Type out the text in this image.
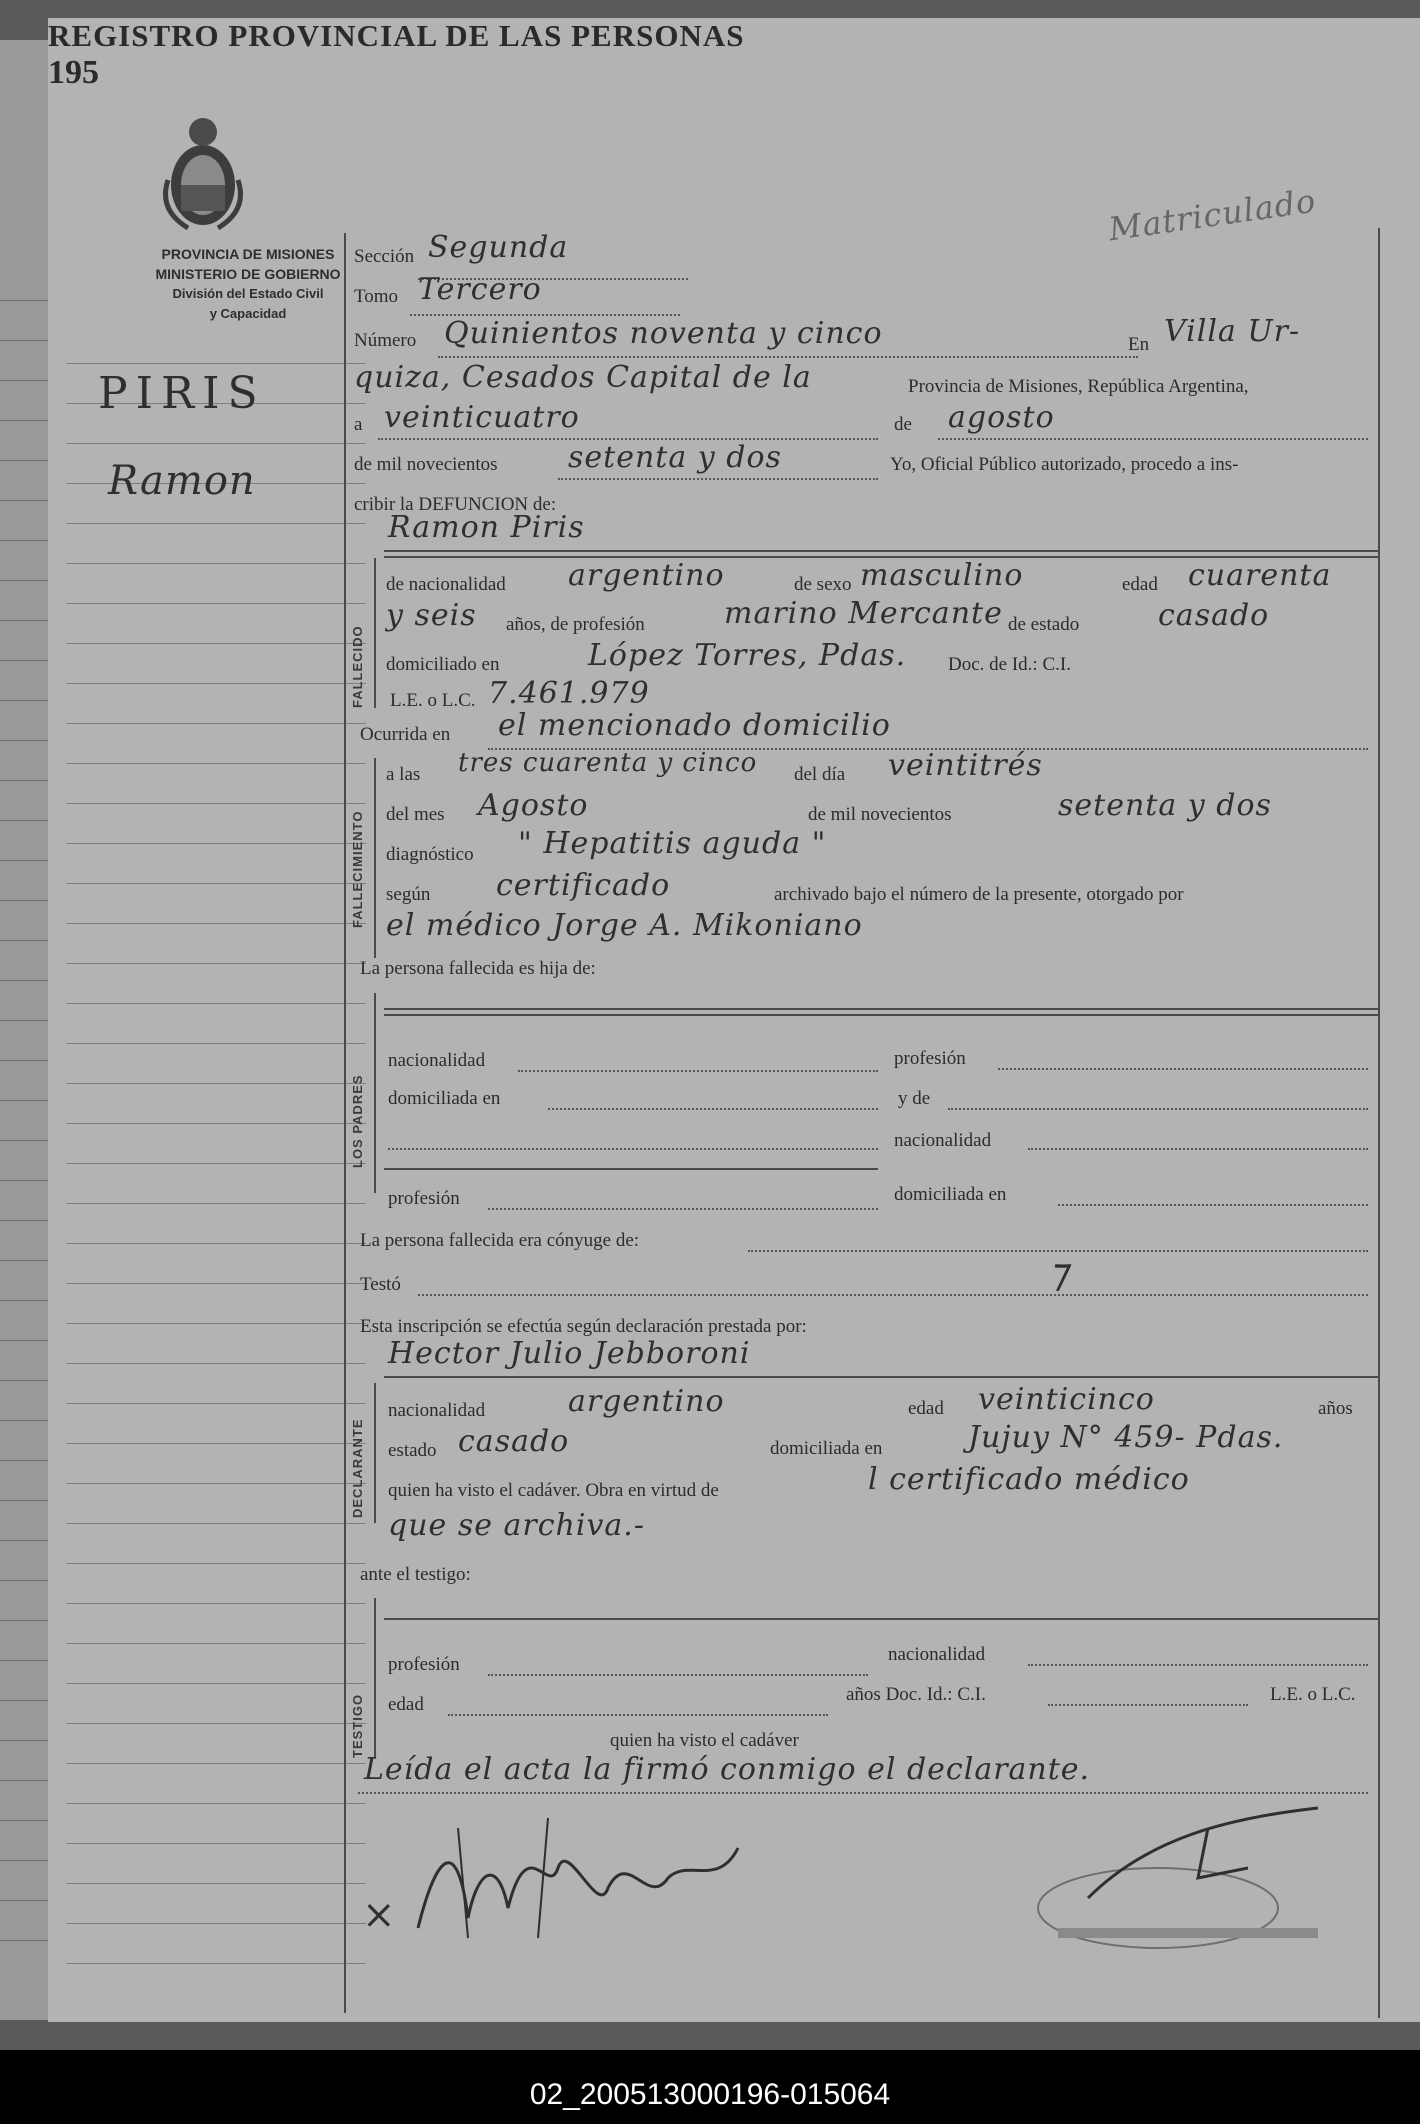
REGISTRO PROVINCIAL DE LAS PERSONAS
195
Matriculado
PROVINCIA DE MISIONES
MINISTERIO DE GOBIERNO
División del Estado Civil
y Capacidad
PIRIS
Ramon
Sección Segunda
Tomo Tercero
Número Quinientos noventa y cinco	En Villa Ur-
quiza, Cesados Capital de la	Provincia de Misiones, República Argentina,
a veinticuatro	de agosto
de mil novecientos setenta y dos	Yo, Oficial Público autorizado, procedo a ins-
cribir la DEFUNCION de:
FALLECIDO
Ramon Piris
de nacionalidad argentino	de sexo masculino	edad cuarenta
y seis años, de profesión	marino Mercante de estado	casado
domiciliado en	López Torres, Pdas. Doc. de Id.: C.I.
L.E. o L.C. 7.461.979
Ocurrida en el mencionado domicilio
FALLECIMIENTO
a las tres cuarenta y cinco del día veintitrés
del mes Agosto	de mil novecientos	setenta y dos
diagnóstico " Hepatitis aguda "
según certificado	archivado bajo el número de la presente, otorgado por
el médico Jorge A. Mikoniano
La persona fallecida es hija de:
LOS PADRES
nacionalidad	profesión
domiciliada en	y de
nacionalidad
profesión	domiciliada en
La persona fallecida era cónyuge de:
Testó	⁊
Esta inscripción se efectúa según declaración prestada por:
Hector Julio Jebboroni
DECLARANTE
nacionalidad	argentino	edad veinticinco	años
estado casado	domiciliada en	Jujuy N° 459- Pdas.
quien ha visto el cadáver. Obra en virtud de	l certificado médico
que se archiva.-
ante el testigo:
TESTIGO
profesión	nacionalidad
edad	años Doc. Id.: C.I.	L.E. o L.C.
quien ha visto el cadáver
Leída el acta la firmó conmigo el declarante.
×
02_200513000196-015064
